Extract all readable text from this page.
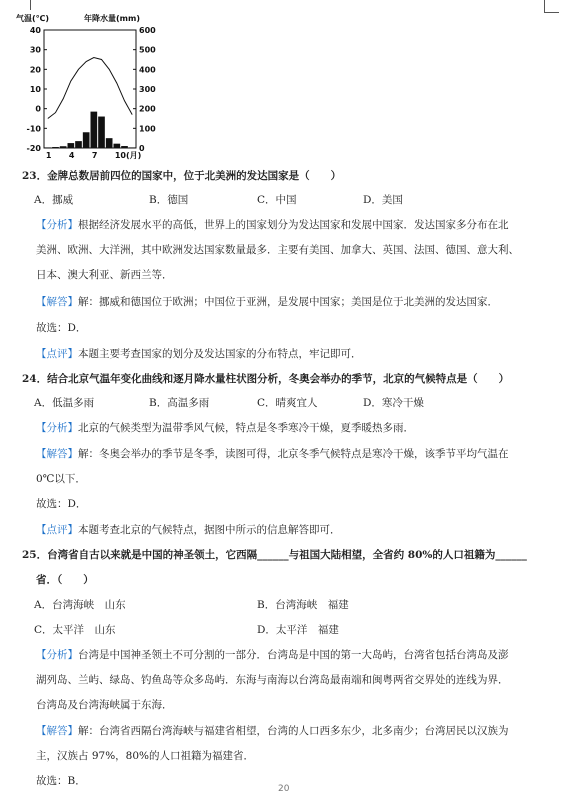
气温(℃)	年降水量(mm)
40
30
20
10
0
-10
-20
600
500
400
300
200
100
0
1 4 7 10(月)
23．金牌总数居前四位的国家中，位于北美洲的发达国家是（　　）
A．挪威	B．德国	C．中国	D．美国
【分析】根据经济发展水平的高低，世界上的国家划分为发达国家和发展中国家．发达国家多分布在北
美洲、欧洲、大洋洲，其中欧洲发达国家数量最多．主要有美国、加拿大、英国、法国、德国、意大利、
日本、澳大利亚、新西兰等．
【解答】解：挪威和德国位于欧洲；中国位于亚洲，是发展中国家；美国是位于北美洲的发达国家．
故选：D．
【点评】本题主要考查国家的划分及发达国家的分布特点，牢记即可．
24．结合北京气温年变化曲线和逐月降水量柱状图分析，冬奥会举办的季节，北京的气候特点是（　　）
A．低温多雨	B．高温多雨	C．晴爽宜人	D．寒冷干燥
【分析】北京的气候类型为温带季风气候，特点是冬季寒冷干燥，夏季暖热多雨．
【解答】解：冬奥会举办的季节是冬季，读图可得，北京冬季气候特点是寒冷干燥，该季节平均气温在
0℃以下．
故选：D．
【点评】本题考查北京的气候特点，据图中所示的信息解答即可．
25．台湾省自古以来就是中国的神圣领土，它西隔______与祖国大陆相望，全省约 80%的人口祖籍为______
省．（　　）
A．台湾海峡　山东	B．台湾海峡　福建
C．太平洋　山东	D．太平洋　福建
【分析】台湾是中国神圣领土不可分割的一部分．台湾岛是中国的第一大岛屿，台湾省包括台湾岛及澎
湖列岛、兰屿、绿岛、钓鱼岛等众多岛屿．东海与南海以台湾岛最南端和闽粤两省交界处的连线为界．
台湾岛及台湾海峡属于东海．
【解答】解：台湾省西隔台湾海峡与福建省相望，台湾的人口西多东少，北多南少；台湾居民以汉族为
主，汉族占 97%，80%的人口祖籍为福建省．
故选：B．
20
